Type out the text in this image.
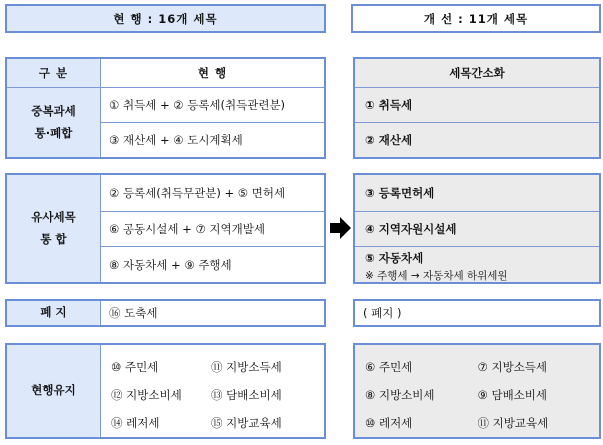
현 행 : 16개 세목	개 선 : 11개 세목
구 분	현 행
중복과세
통·폐합
① 취득세 + ② 등록세(취득관련분)
③ 재산세 + ④ 도시계획세
유사세목
통 합
② 등록세(취득무관분) + ⑤ 면허세
⑥ 공동시설세 + ⑦ 지역개발세
⑧ 자동차세 + ⑨ 주행세
폐 지	⑯ 도축세
현행유지
⑩ 주민세	⑪ 지방소득세
⑫ 지방소비세	⑬ 담배소비세
⑭ 레저세	⑮ 지방교육세
세목간소화
① 취득세
② 재산세
③ 등록면허세
④ 지역자원시설세
⑤ 자동차세
※ 주행세 → 자동차세 하위세원
( 폐지 )
⑥ 주민세	⑦ 지방소득세
⑧ 지방소비세	⑨ 담배소비세
⑩ 레저세	⑪ 지방교육세
